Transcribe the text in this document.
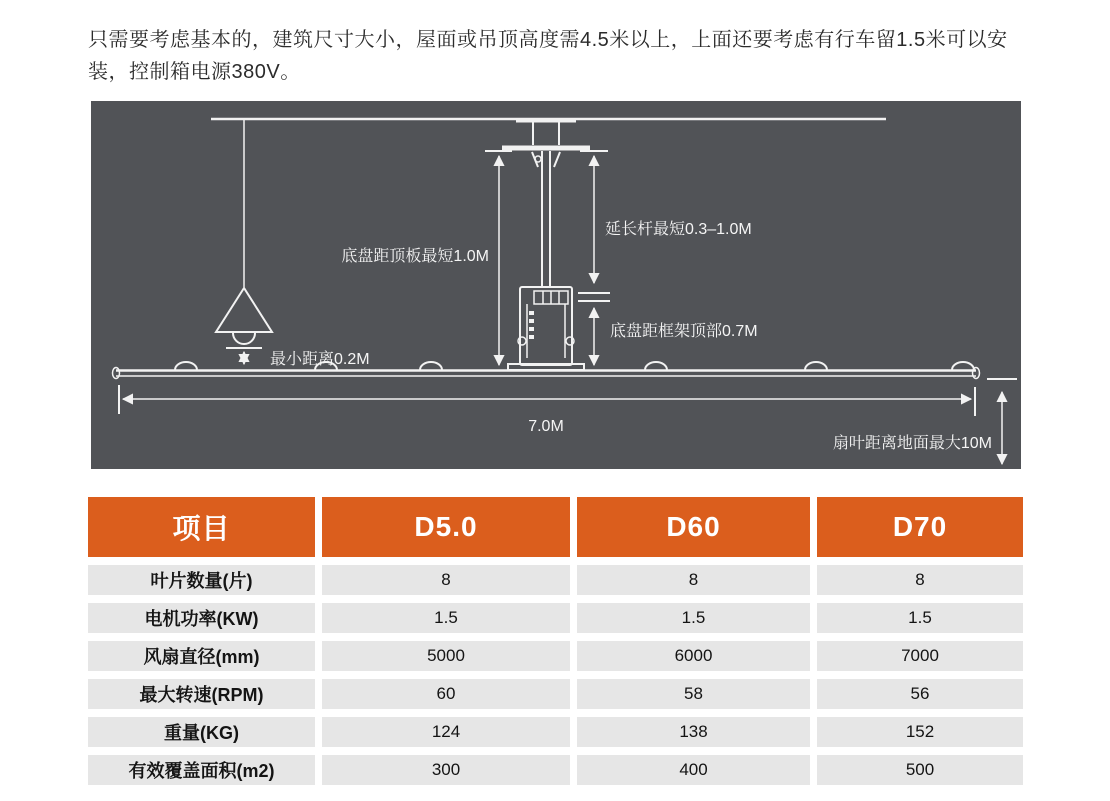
只需要考虑基本的，建筑尺寸大小，屋面或吊顶高度需4.5米以上，上面还要考虑有行车留1.5米可以安
装，控制箱电源380V。

底盘距顶板最短1.0M
延长杆最短0.3–1.0M
底盘距框架顶部0.7M
最小距离0.2M
7.0M
扇叶距离地面最大10M
项目	D5.0	D60	D70
叶片数量(片)	8	8	8
电机功率(KW)	1.5	1.5	1.5
风扇直径(mm)	5000	6000	7000
最大转速(RPM)	60	58	56
重量(KG)	124	138	152
有效覆盖面积(m2)	300	400	500
